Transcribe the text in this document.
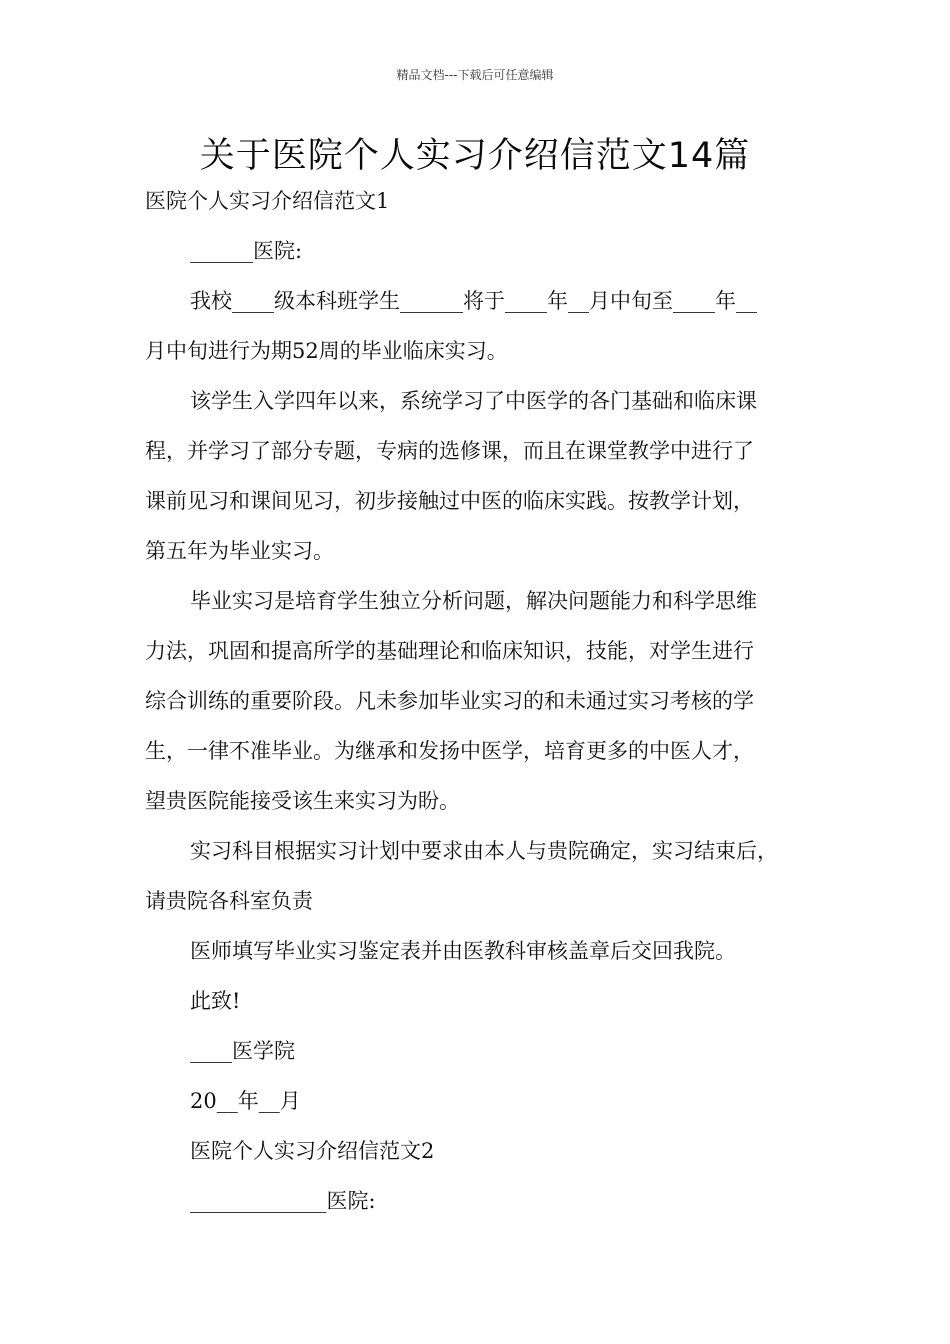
精品文档---下载后可任意编辑
关于医院个人实习介绍信范文14篇
医院个人实习介绍信范文1
______医院:
我校____级本科班学生______将于____年__月中旬至____年__
月中旬进行为期52周的毕业临床实习。
该学生入学四年以来，系统学习了中医学的各门基础和临床课
程，并学习了部分专题，专病的选修课，而且在课堂教学中进行了
课前见习和课间见习，初步接触过中医的临床实践。按教学计划，
第五年为毕业实习。
毕业实习是培育学生独立分析问题，解决问题能力和科学思维
力法，巩固和提高所学的基础理论和临床知识，技能，对学生进行
综合训练的重要阶段。凡未参加毕业实习的和未通过实习考核的学
生，一律不准毕业。为继承和发扬中医学，培育更多的中医人才，
望贵医院能接受该生来实习为盼。
实习科目根据实习计划中要求由本人与贵院确定，实习结束后，
请贵院各科室负责
医师填写毕业实习鉴定表并由医教科审核盖章后交回我院。
此致!
____医学院
20__年__月
医院个人实习介绍信范文2
_____________医院:
